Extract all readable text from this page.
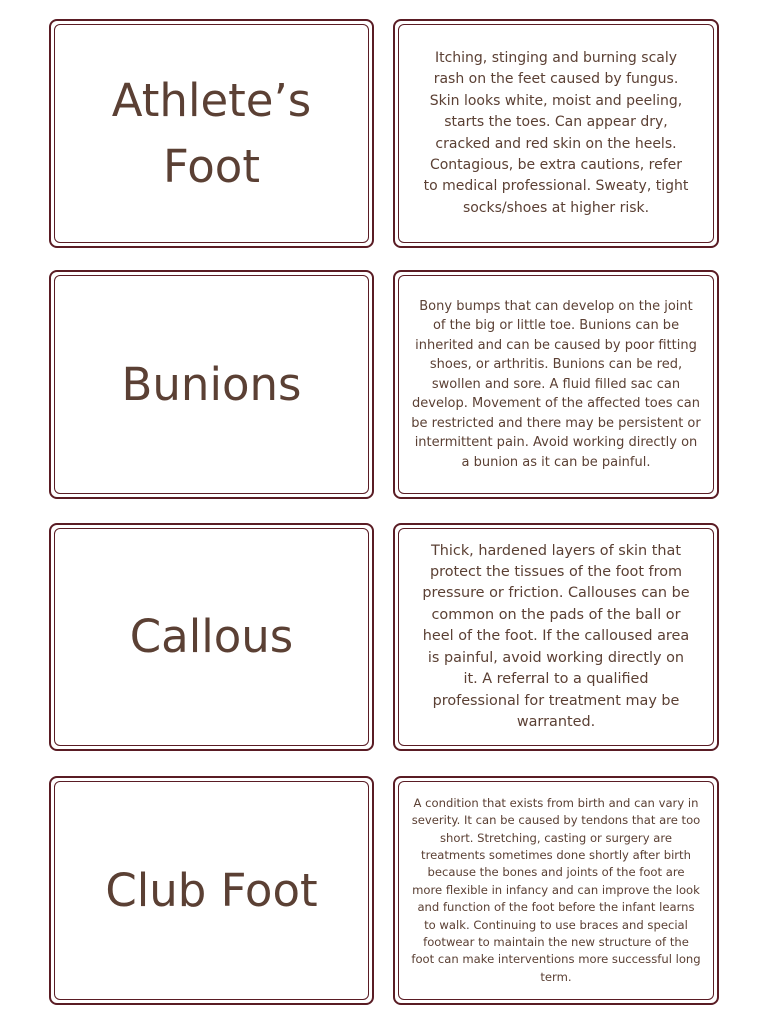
Athlete’s Foot

Itching, stinging and burning scaly rash on the feet caused by fungus. Skin looks white, moist and peeling, starts the toes. Can appear dry, cracked and red skin on the heels. Contagious, be extra cautions, refer to medical professional. Sweaty, tight socks/shoes at higher risk.

Bunions

Bony bumps that can develop on the joint of the big or little toe. Bunions can be inherited and can be caused by poor fitting shoes, or arthritis. Bunions can be red, swollen and sore. A fluid filled sac can develop. Movement of the affected toes can be restricted and there may be persistent or intermittent pain. Avoid working directly on a bunion as it can be painful.

Callous

Thick, hardened layers of skin that protect the tissues of the foot from pressure or friction. Callouses can be common on the pads of the ball or heel of the foot. If the calloused area is painful, avoid working directly on it. A referral to a qualified professional for treatment may be warranted.

Club Foot

A condition that exists from birth and can vary in severity. It can be caused by tendons that are too short. Stretching, casting or surgery are treatments sometimes done shortly after birth because the bones and joints of the foot are more flexible in infancy and can improve the look and function of the foot before the infant learns to walk. Continuing to use braces and special footwear to maintain the new structure of the foot can make interventions more successful long term.
